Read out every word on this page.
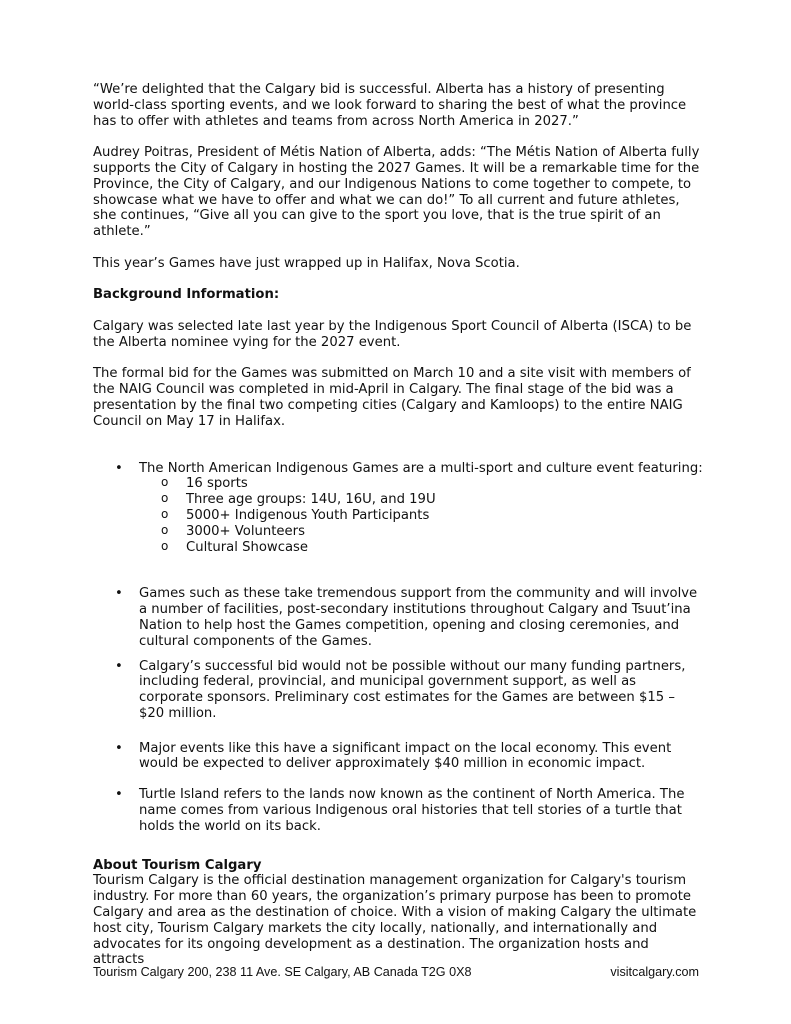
“We’re delighted that the Calgary bid is successful. Alberta has a history of presenting world-class sporting events, and we look forward to sharing the best of what the province has to offer with athletes and teams from across North America in 2027.”

Audrey Poitras, President of Métis Nation of Alberta, adds: “The Métis Nation of Alberta fully supports the City of Calgary in hosting the 2027 Games. It will be a remarkable time for the Province, the City of Calgary, and our Indigenous Nations to come together to compete, to showcase what we have to offer and what we can do!” To all current and future athletes, she continues, “Give all you can give to the sport you love, that is the true spirit of an athlete.”

This year’s Games have just wrapped up in Halifax, Nova Scotia.

Background Information:

Calgary was selected late last year by the Indigenous Sport Council of Alberta (ISCA) to be the Alberta nominee vying for the 2027 event.

The formal bid for the Games was submitted on March 10 and a site visit with members of the NAIG Council was completed in mid-April in Calgary. The final stage of the bid was a presentation by the final two competing cities (Calgary and Kamloops) to the entire NAIG Council on May 17 in Halifax.

• The North American Indigenous Games are a multi-sport and culture event featuring:
o 16 sports
o Three age groups: 14U, 16U, and 19U
o 5000+ Indigenous Youth Participants
o 3000+ Volunteers
o Cultural Showcase
• Games such as these take tremendous support from the community and will involve a number of facilities, post-secondary institutions throughout Calgary and Tsuut’ina Nation to help host the Games competition, opening and closing ceremonies, and cultural components of the Games.
• Calgary’s successful bid would not be possible without our many funding partners, including federal, provincial, and municipal government support, as well as corporate sponsors. Preliminary cost estimates for the Games are between $15 – $20 million.
• Major events like this have a significant impact on the local economy. This event would be expected to deliver approximately $40 million in economic impact.
• Turtle Island refers to the lands now known as the continent of North America. The name comes from various Indigenous oral histories that tell stories of a turtle that holds the world on its back.

About Tourism Calgary

Tourism Calgary is the official destination management organization for Calgary's tourism industry. For more than 60 years, the organization’s primary purpose has been to promote Calgary and area as the destination of choice. With a vision of making Calgary the ultimate host city, Tourism Calgary markets the city locally, nationally, and internationally and advocates for its ongoing development as a destination. The organization hosts and attracts

Tourism Calgary 200, 238 11 Ave. SE Calgary, AB Canada T2G 0X8	visitcalgary.com
